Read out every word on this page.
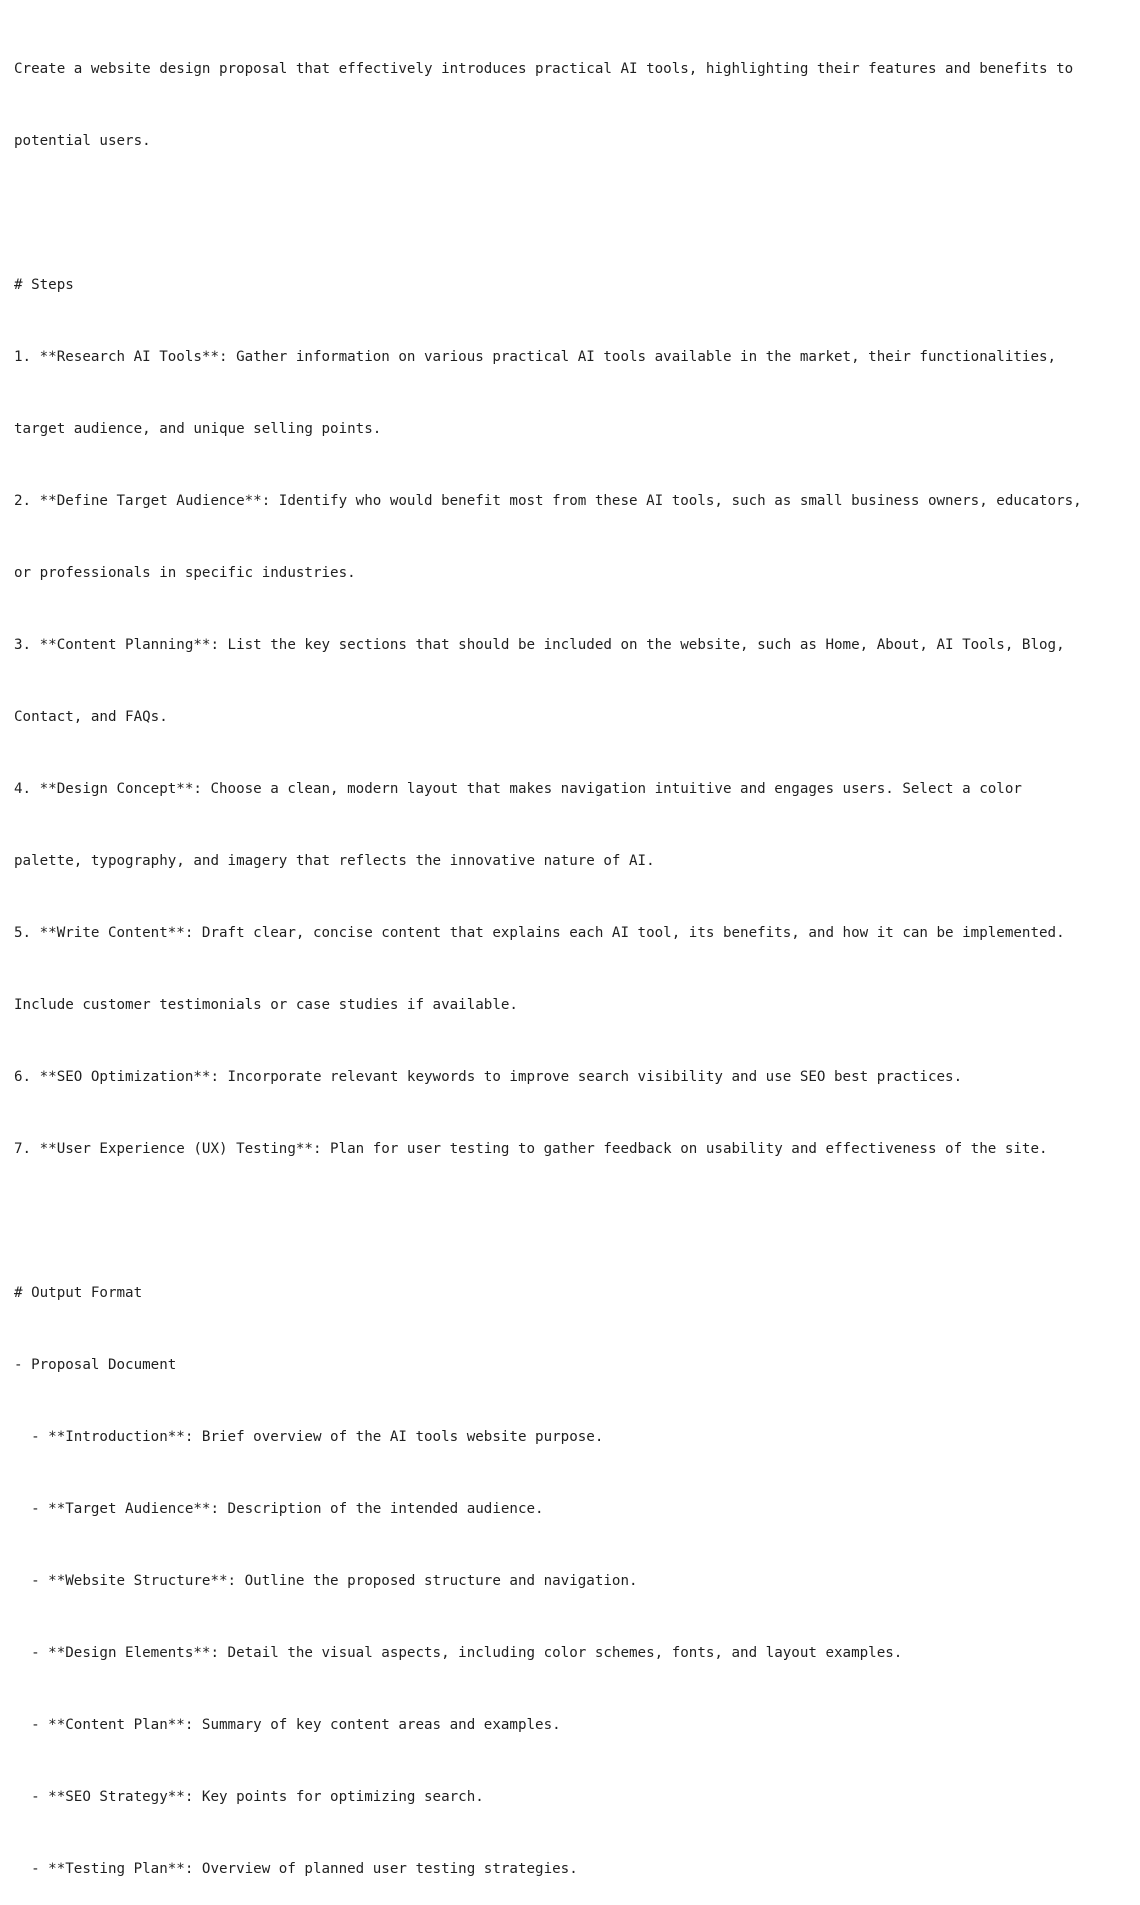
Create a website design proposal that effectively introduces practical AI tools, highlighting their features and benefits to

potential users.

# Steps

1. **Research AI Tools**: Gather information on various practical AI tools available in the market, their functionalities,

target audience, and unique selling points.

2. **Define Target Audience**: Identify who would benefit most from these AI tools, such as small business owners, educators,

or professionals in specific industries.

3. **Content Planning**: List the key sections that should be included on the website, such as Home, About, AI Tools, Blog,

Contact, and FAQs.

4. **Design Concept**: Choose a clean, modern layout that makes navigation intuitive and engages users. Select a color

palette, typography, and imagery that reflects the innovative nature of AI.

5. **Write Content**: Draft clear, concise content that explains each AI tool, its benefits, and how it can be implemented.

Include customer testimonials or case studies if available.

6. **SEO Optimization**: Incorporate relevant keywords to improve search visibility and use SEO best practices.

7. **User Experience (UX) Testing**: Plan for user testing to gather feedback on usability and effectiveness of the site.

# Output Format

- Proposal Document

- **Introduction**: Brief overview of the AI tools website purpose.

- **Target Audience**: Description of the intended audience.

- **Website Structure**: Outline the proposed structure and navigation.

- **Design Elements**: Detail the visual aspects, including color schemes, fonts, and layout examples.

- **Content Plan**: Summary of key content areas and examples.

- **SEO Strategy**: Key points for optimizing search.

- **Testing Plan**: Overview of planned user testing strategies.
